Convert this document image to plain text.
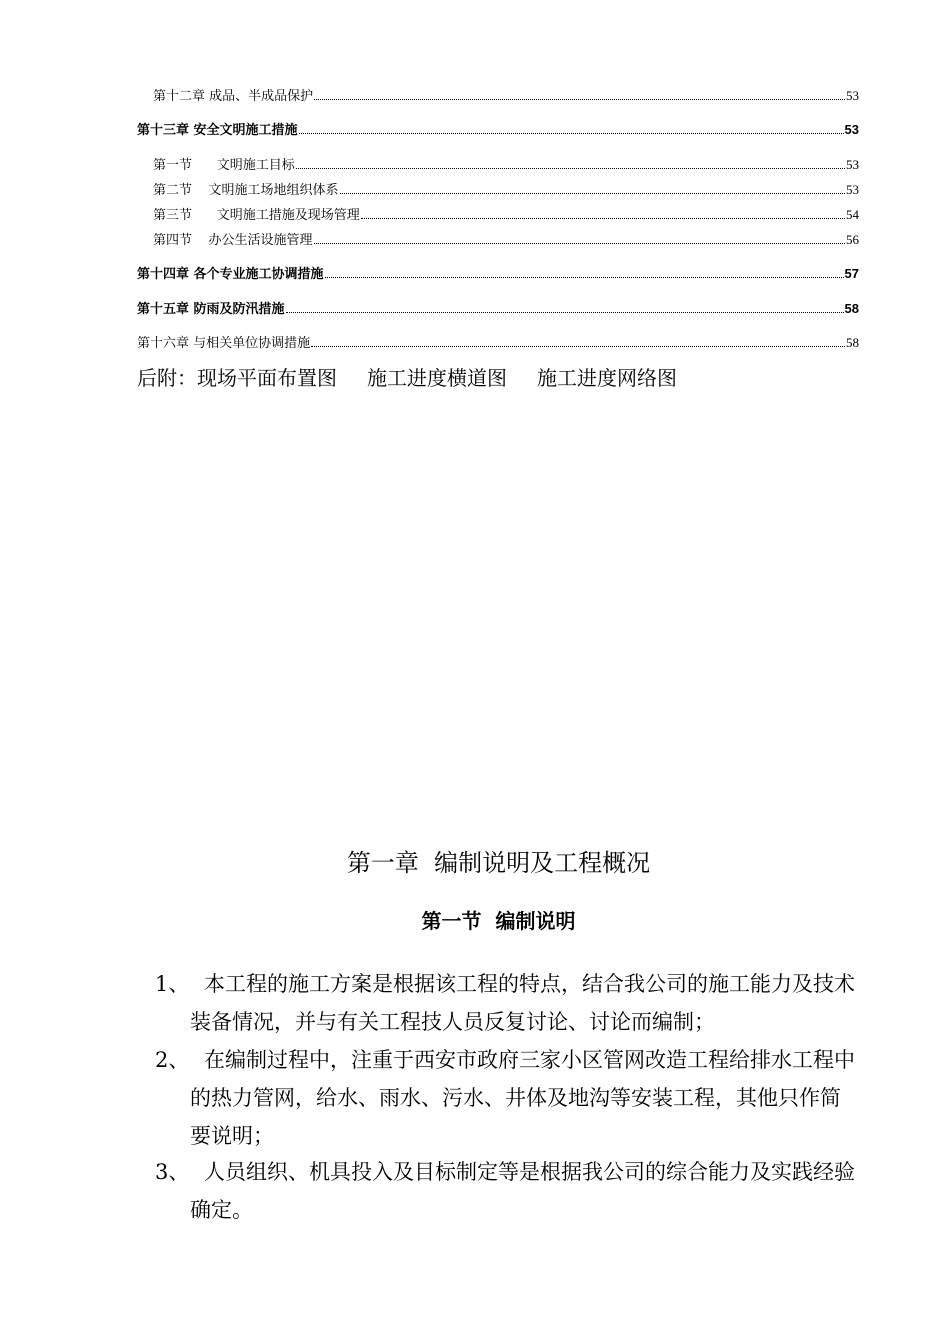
第十二章 成品、半成品保护	53
第十三章 安全文明施工措施	53
第一节      文明施工目标	53
第二节    文明施工场地组织体系	53
第三节      文明施工措施及现场管理	54
第四节    办公生活设施管理	56
第十四章 各个专业施工协调措施	57
第十五章 防雨及防汛措施	58
第十六章 与相关单位协调措施	58
后附：现场平面布置图 施工进度横道图 施工进度网络图
第一章  编制说明及工程概况
第一节  编制说明
1、 本工程的施工方案是根据该工程的特点，结合我公司的施工能力及技术装备情况，并与有关工程技人员反复讨论、讨论而编制；
2、 在编制过程中，注重于西安市政府三家小区管网改造工程给排水工程中的热力管网，给水、雨水、污水、井体及地沟等安装工程，其他只作简要说明；
3、 人员组织、机具投入及目标制定等是根据我公司的综合能力及实践经验确定。
